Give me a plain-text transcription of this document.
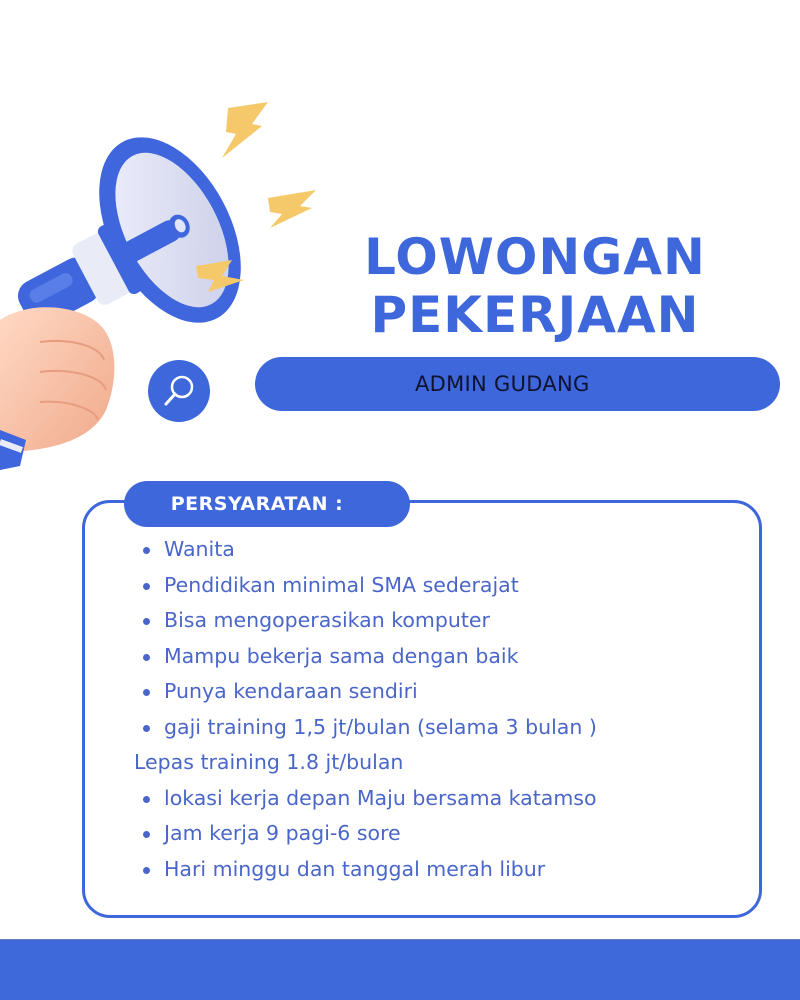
LOWONGAN
PEKERJAAN
ADMIN GUDANG
PERSYARATAN :
Wanita
Pendidikan minimal SMA sederajat
Bisa mengoperasikan komputer
Mampu bekerja sama dengan baik
Punya kendaraan sendiri
gaji training 1,5 jt/bulan (selama 3 bulan )
Lepas training 1.8 jt/bulan
lokasi kerja depan Maju bersama katamso
Jam kerja 9 pagi-6 sore
Hari minggu dan tanggal merah libur
